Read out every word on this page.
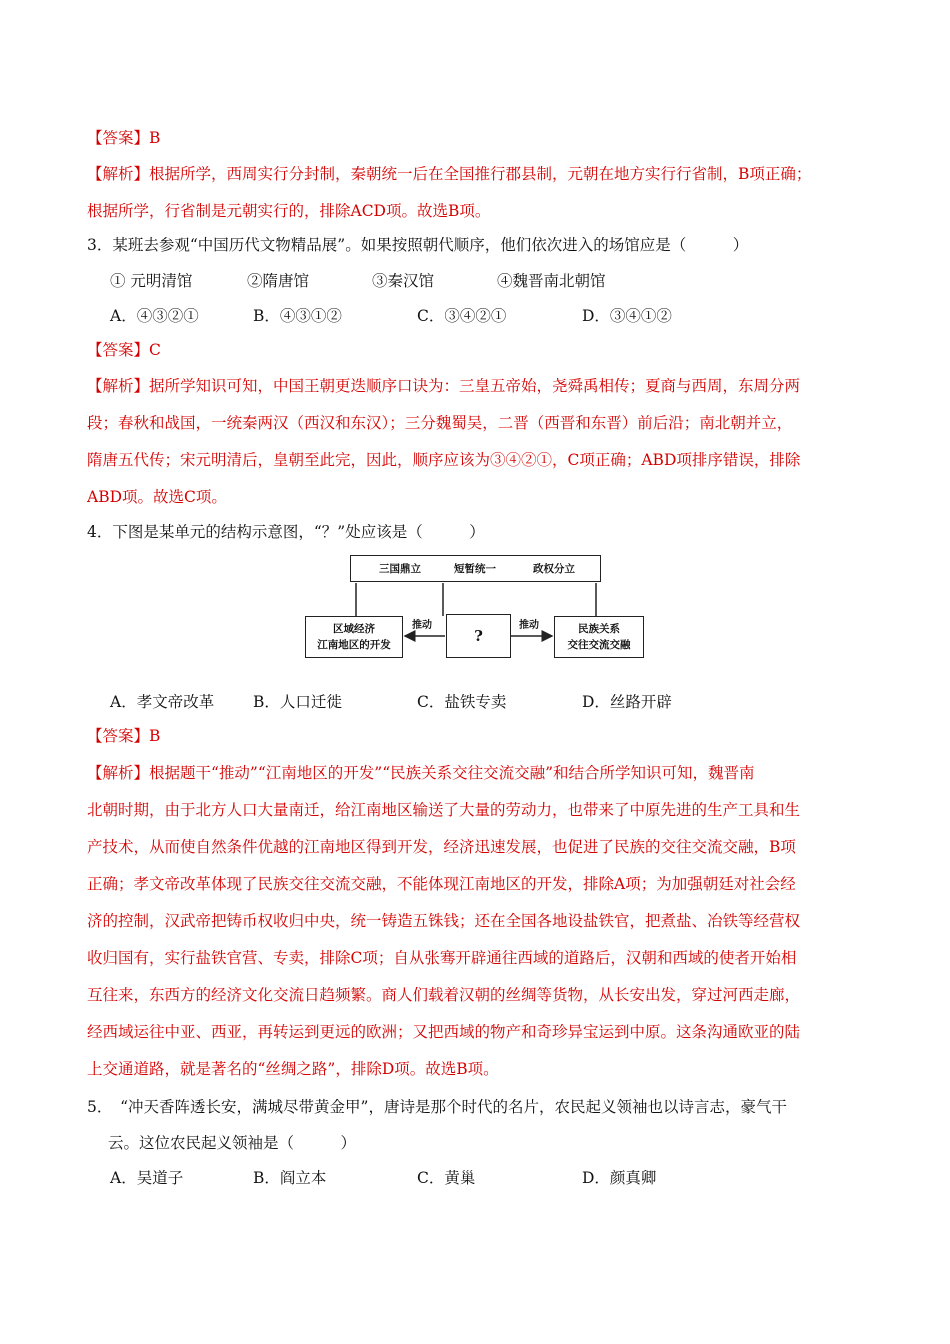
【答案】B
【解析】根据所学，西周实行分封制，秦朝统一后在全国推行郡县制，元朝在地方实行行省制，B项正确；
根据所学，行省制是元朝实行的，排除ACD项。故选B项。
3．某班去参观“中国历代文物精品展”。如果按照朝代顺序，他们依次进入的场馆应是（　　　）
① 元明清馆	②隋唐馆	③秦汉馆	④魏晋南北朝馆
A．④③②①	B．④③①②	C．③④②①	D．③④①②
【答案】C
【解析】据所学知识可知，中国王朝更迭顺序口诀为：三皇五帝始，尧舜禹相传；夏商与西周，东周分两
段；春秋和战国，一统秦两汉（西汉和东汉）；三分魏蜀吴，二晋（西晋和东晋）前后沿；南北朝并立，
隋唐五代传；宋元明清后，皇朝至此完，因此，顺序应该为③④②①，C项正确；ABD项排序错误，排除
ABD项。故选C项。
4．下图是某单元的结构示意图，“？”处应该是（　　　）
三国鼎立	短暂统一	政权分立
区域经济
江南地区的开发	?	民族关系
交往交流交融
推动	推动
A．孝文帝改革	B．人口迁徙	C．盐铁专卖	D．丝路开辟
【答案】B
【解析】根据题干“推动”“江南地区的开发”“民族关系交往交流交融”和结合所学知识可知，魏晋南
北朝时期，由于北方人口大量南迁，给江南地区输送了大量的劳动力，也带来了中原先进的生产工具和生
产技术，从而使自然条件优越的江南地区得到开发，经济迅速发展，也促进了民族的交往交流交融，B项
正确；孝文帝改革体现了民族交往交流交融，不能体现江南地区的开发，排除A项；为加强朝廷对社会经
济的控制，汉武帝把铸币权收归中央，统一铸造五铢钱；还在全国各地设盐铁官，把煮盐、冶铁等经营权
收归国有，实行盐铁官营、专卖，排除C项；自从张骞开辟通往西域的道路后，汉朝和西域的使者开始相
互往来，东西方的经济文化交流日趋频繁。商人们载着汉朝的丝绸等货物，从长安出发，穿过河西走廊，
经西域运往中亚、西亚，再转运到更远的欧洲；又把西域的物产和奇珍异宝运到中原。这条沟通欧亚的陆
上交通道路，就是著名的“丝绸之路”，排除D项。故选B项。
5．　“冲天香阵透长安，满城尽带黄金甲”，唐诗是那个时代的名片，农民起义领袖也以诗言志，豪气干
云。这位农民起义领袖是（　　　）
A．吴道子	B．阎立本	C．黄巢	D．颜真卿
